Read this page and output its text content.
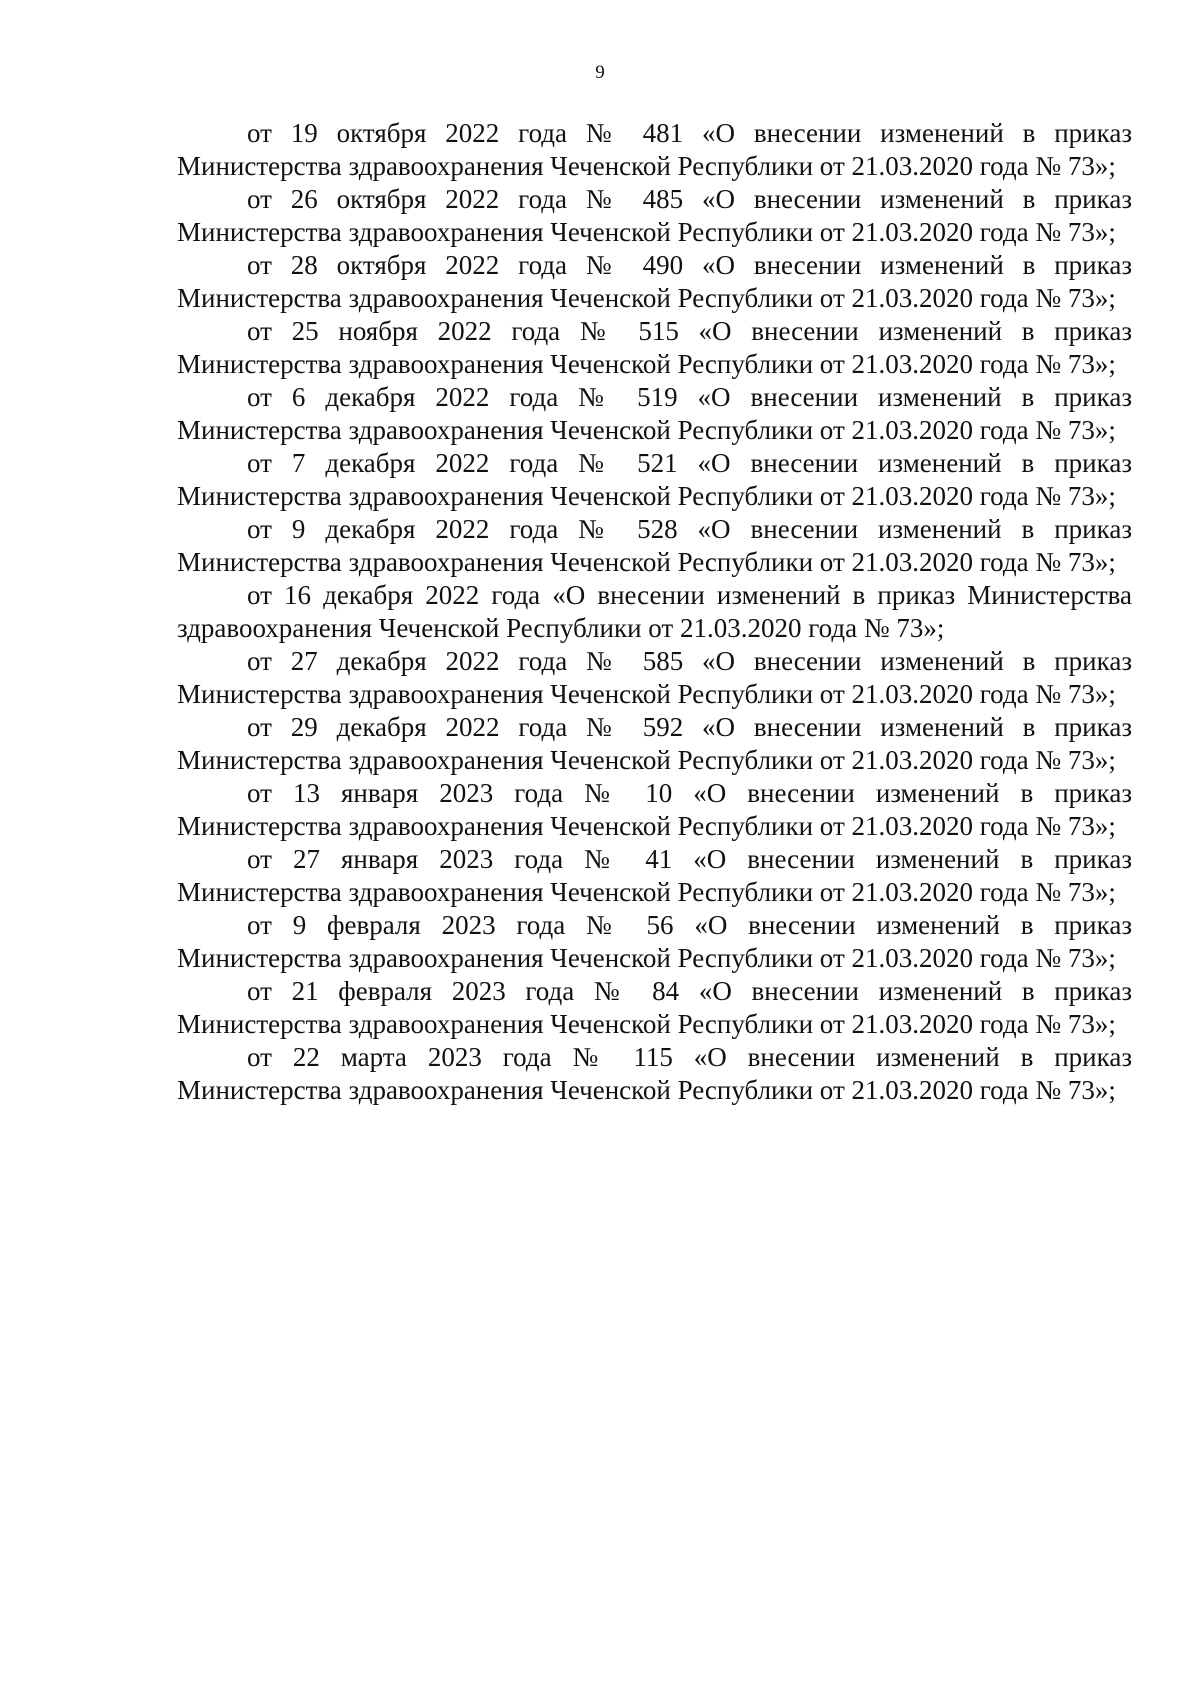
9

от 19 октября 2022 года № 481 «О внесении изменений в приказ Министерства здравоохранения Чеченской Республики от 21.03.2020 года № 73»;

от 26 октября 2022 года № 485 «О внесении изменений в приказ Министерства здравоохранения Чеченской Республики от 21.03.2020 года № 73»;

от 28 октября 2022 года № 490 «О внесении изменений в приказ Министерства здравоохранения Чеченской Республики от 21.03.2020 года № 73»;

от 25 ноября 2022 года № 515 «О внесении изменений в приказ Министерства здравоохранения Чеченской Республики от 21.03.2020 года № 73»;

от 6 декабря 2022 года № 519 «О внесении изменений в приказ Министерства здравоохранения Чеченской Республики от 21.03.2020 года № 73»;

от 7 декабря 2022 года № 521 «О внесении изменений в приказ Министерства здравоохранения Чеченской Республики от 21.03.2020 года № 73»;

от 9 декабря 2022 года № 528 «О внесении изменений в приказ Министерства здравоохранения Чеченской Республики от 21.03.2020 года № 73»;

от 16 декабря 2022 года «О внесении изменений в приказ Министерства здравоохранения Чеченской Республики от 21.03.2020 года № 73»;

от 27 декабря 2022 года № 585 «О внесении изменений в приказ Министерства здравоохранения Чеченской Республики от 21.03.2020 года № 73»;

от 29 декабря 2022 года № 592 «О внесении изменений в приказ Министерства здравоохранения Чеченской Республики от 21.03.2020 года № 73»;

от 13 января 2023 года № 10 «О внесении изменений в приказ Министерства здравоохранения Чеченской Республики от 21.03.2020 года № 73»;

от 27 января 2023 года № 41 «О внесении изменений в приказ Министерства здравоохранения Чеченской Республики от 21.03.2020 года № 73»;

от 9 февраля 2023 года № 56 «О внесении изменений в приказ Министерства здравоохранения Чеченской Республики от 21.03.2020 года № 73»;

от 21 февраля 2023 года № 84 «О внесении изменений в приказ Министерства здравоохранения Чеченской Республики от 21.03.2020 года № 73»;

от 22 марта 2023 года № 115 «О внесении изменений в приказ Министерства здравоохранения Чеченской Республики от 21.03.2020 года № 73»;
